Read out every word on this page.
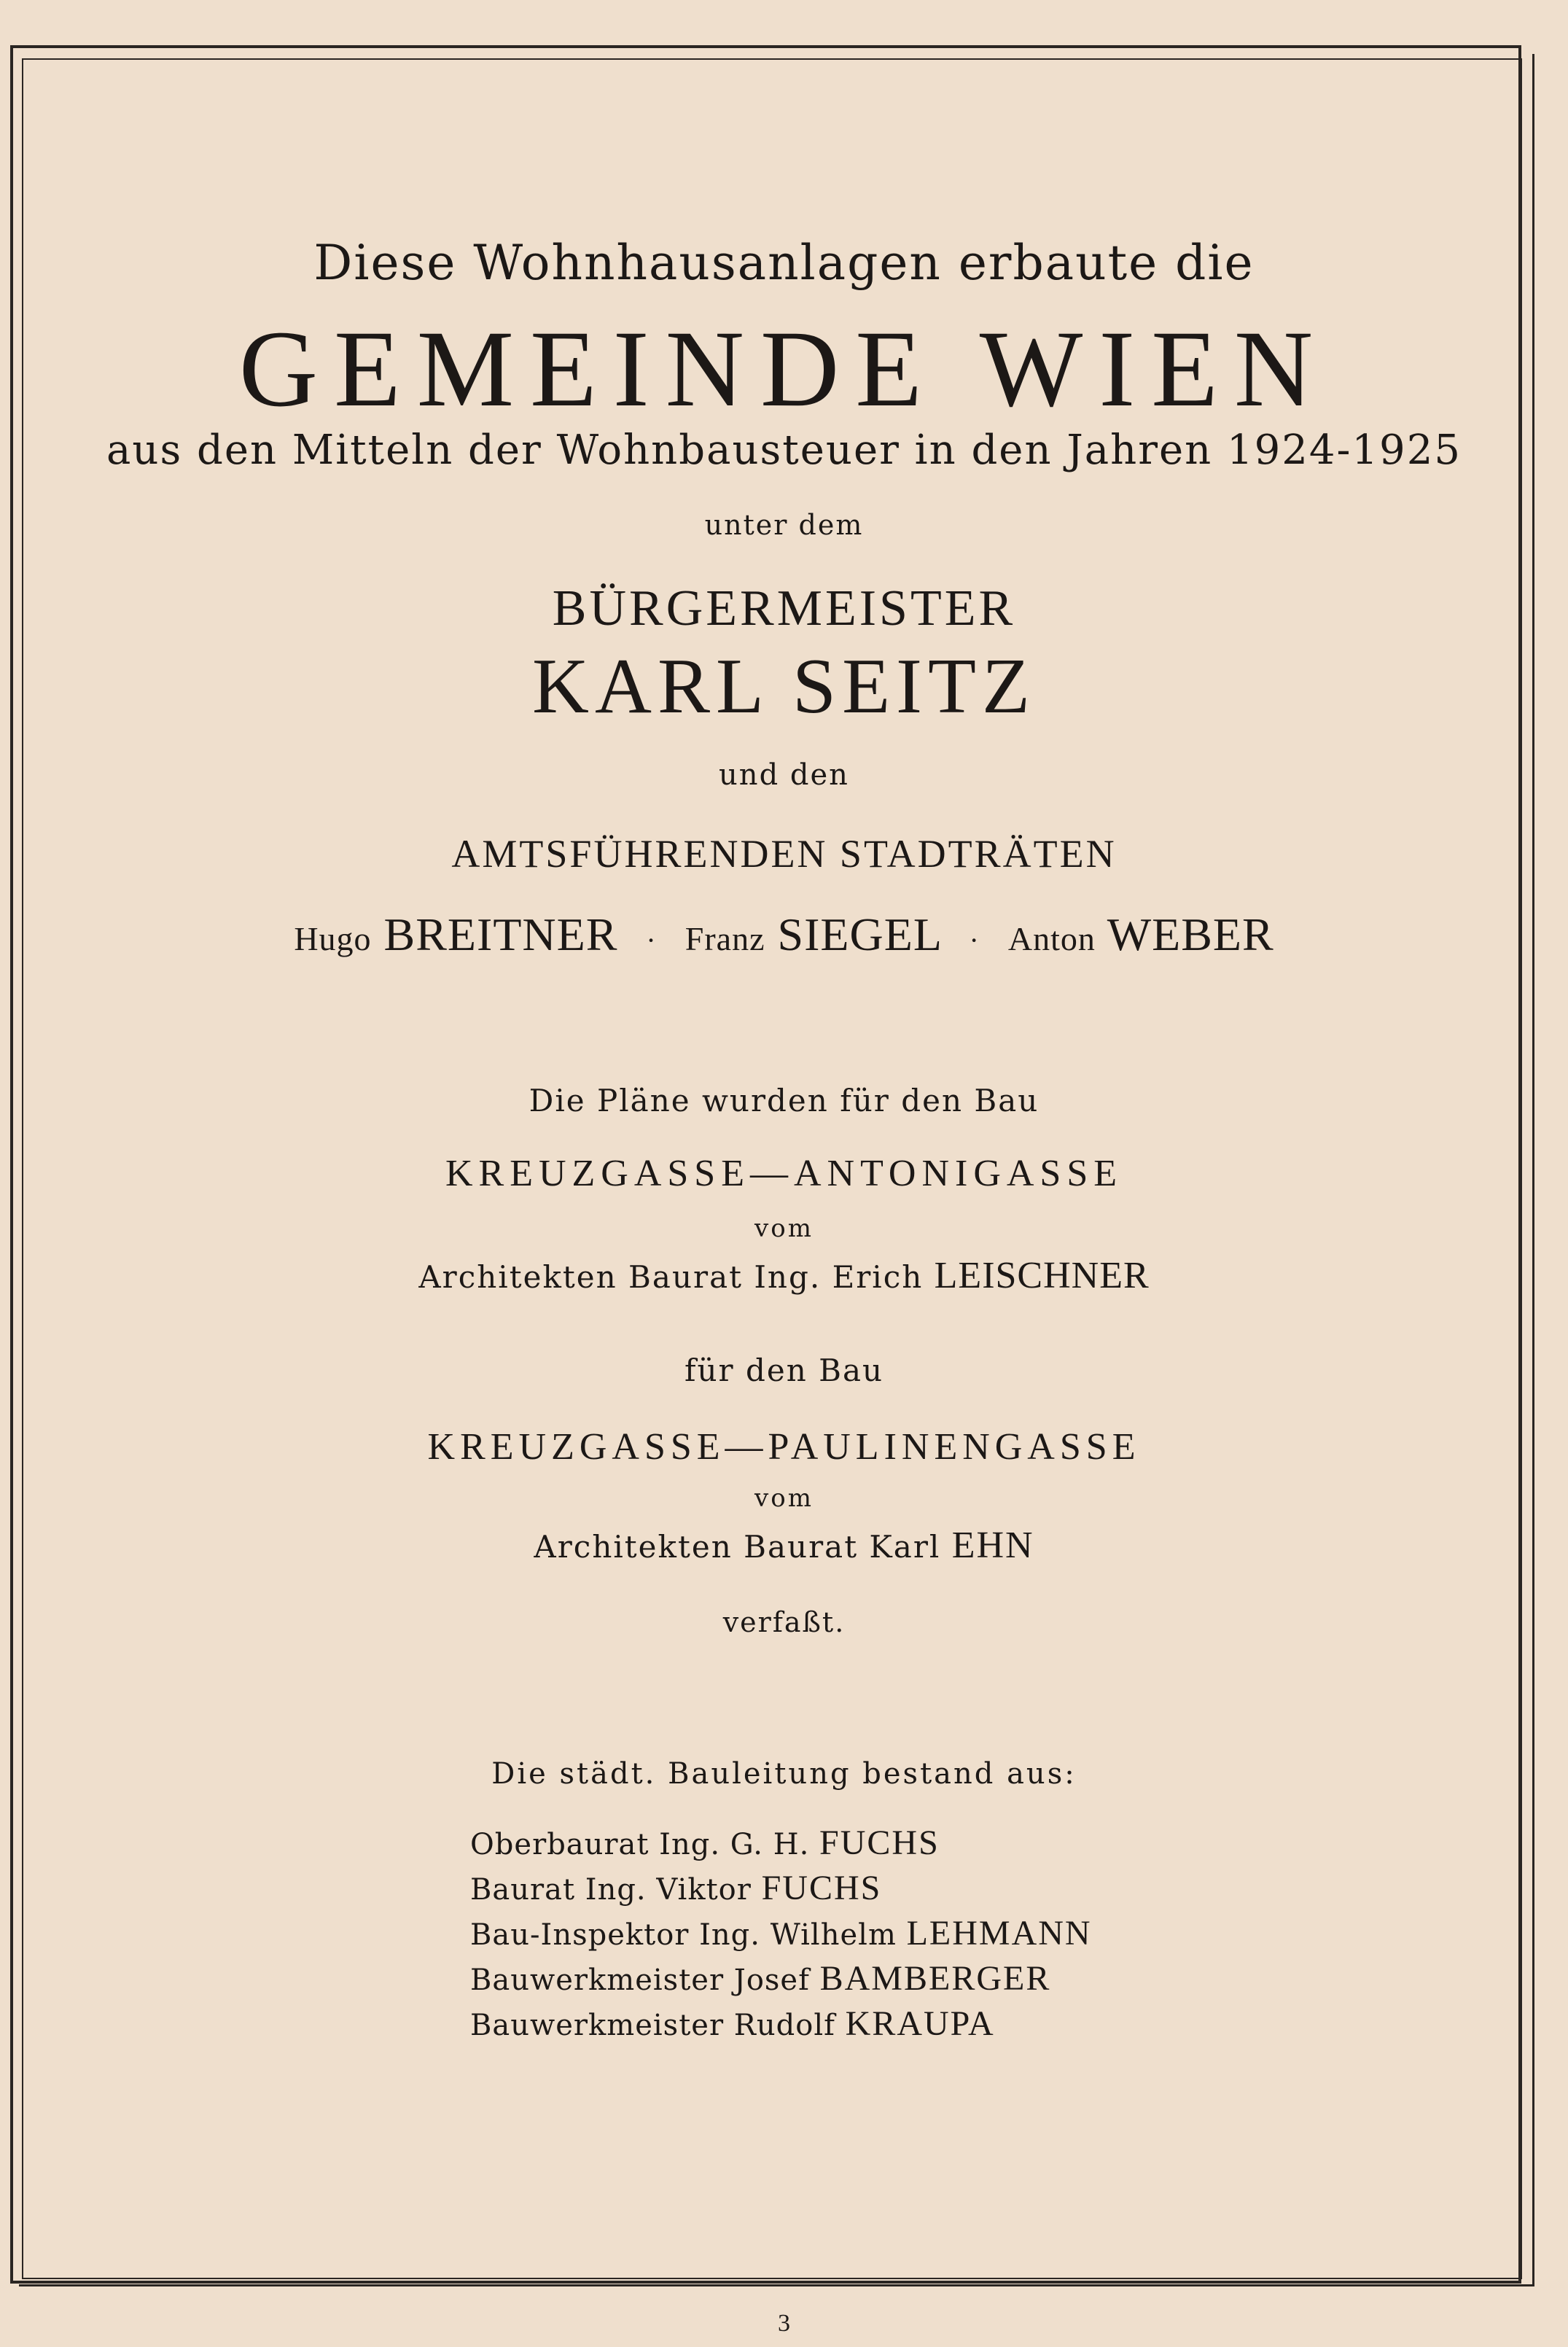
Diese Wohnhausanlagen erbaute die
GEMEINDE WIEN
aus den Mitteln der Wohnbausteuer in den Jahren 1924-1925
unter dem
BÜRGERMEISTER
KARL SEITZ
und den
AMTSFÜHRENDEN STADTRÄTEN
Hugo BREITNER · Franz SIEGEL · Anton WEBER
Die Pläne wurden für den Bau
KREUZGASSE—ANTONIGASSE
vom
Architekten Baurat Ing. Erich LEISCHNER
für den Bau
KREUZGASSE—PAULINENGASSE
vom
Architekten Baurat Karl EHN
verfaßt.
Die städt. Bauleitung bestand aus:
Oberbaurat Ing. G. H. FUCHS
Baurat Ing. Viktor FUCHS
Bau-Inspektor Ing. Wilhelm LEHMANN
Bauwerkmeister Josef BAMBERGER
Bauwerkmeister Rudolf KRAUPA
3
